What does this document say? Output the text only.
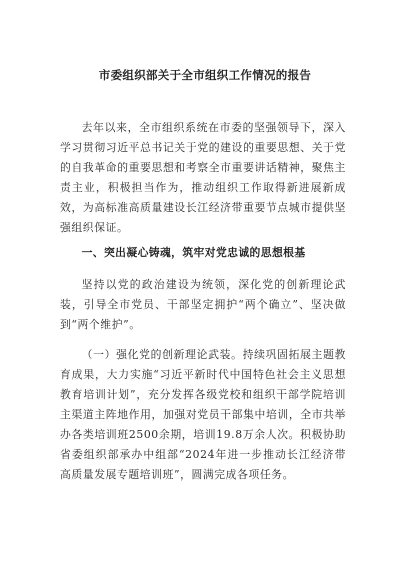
市委组织部关于全市组织工作情况的报告

去年以来，全市组织系统在市委的坚强领导下，深入学习贯彻习近平总书记关于党的建设的重要思想、关于党的自我革命的重要思想和考察全市重要讲话精神，聚焦主责主业，积极担当作为，推动组织工作取得新进展新成效，为高标准高质量建设长江经济带重要节点城市提供坚强组织保证。

一、突出凝心铸魂，筑牢对党忠诚的思想根基

坚持以党的政治建设为统领，深化党的创新理论武装，引导全市党员、干部坚定拥护“两个确立”、坚决做到“两个维护”。

（一）强化党的创新理论武装。持续巩固拓展主题教育成果，大力实施“习近平新时代中国特色社会主义思想教育培训计划”，充分发挥各级党校和组织干部学院培训主渠道主阵地作用，加强对党员干部集中培训，全市共举办各类培训班2500余期，培训19.8万余人次。积极协助省委组织部承办中组部“2024年进一步推动长江经济带高质量发展专题培训班”，圆满完成各项任务。
